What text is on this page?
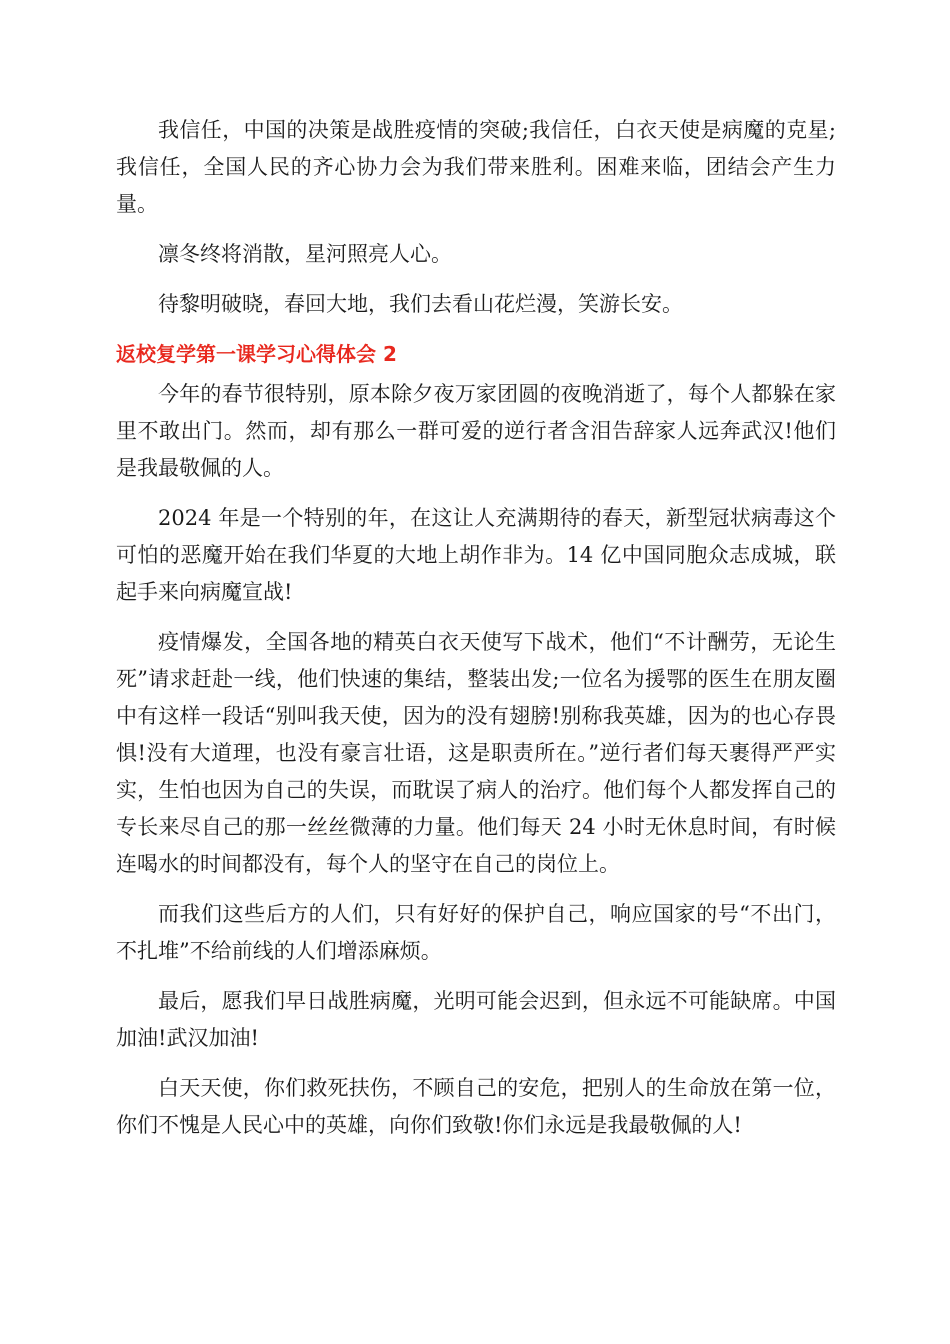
我信任，中国的决策是战胜疫情的突破;我信任，白衣天使是病魔的克星;我信任，全国人民的齐心协力会为我们带来胜利。困难来临，团结会产生力量。

凛冬终将消散，星河照亮人心。

待黎明破晓，春回大地，我们去看山花烂漫，笑游长安。

返校复学第一课学习心得体会 2

今年的春节很特别，原本除夕夜万家团圆的夜晚消逝了，每个人都躲在家里不敢出门。然而，却有那么一群可爱的逆行者含泪告辞家人远奔武汉!他们是我最敬佩的人。

2024 年是一个特别的年，在这让人充满期待的春天，新型冠状病毒这个可怕的恶魔开始在我们华夏的大地上胡作非为。14 亿中国同胞众志成城，联起手来向病魔宣战!

疫情爆发，全国各地的精英白衣天使写下战术，他们“不计酬劳，无论生死”请求赶赴一线，他们快速的集结，整装出发;一位名为援鄂的医生在朋友圈中有这样一段话“别叫我天使，因为的没有翅膀!别称我英雄，因为的也心存畏惧!没有大道理，也没有豪言壮语，这是职责所在。”逆行者们每天裹得严严实实，生怕也因为自己的失误，而耽误了病人的治疗。他们每个人都发挥自己的专长来尽自己的那一丝丝微薄的力量。他们每天 24 小时无休息时间，有时候连喝水的时间都没有，每个人的坚守在自己的岗位上。

而我们这些后方的人们，只有好好的保护自己，响应国家的号“不出门，不扎堆”不给前线的人们增添麻烦。

最后，愿我们早日战胜病魔，光明可能会迟到，但永远不可能缺席。中国加油!武汉加油!

白天天使，你们救死扶伤，不顾自己的安危，把别人的生命放在第一位，你们不愧是人民心中的英雄，向你们致敬!你们永远是我最敬佩的人!
